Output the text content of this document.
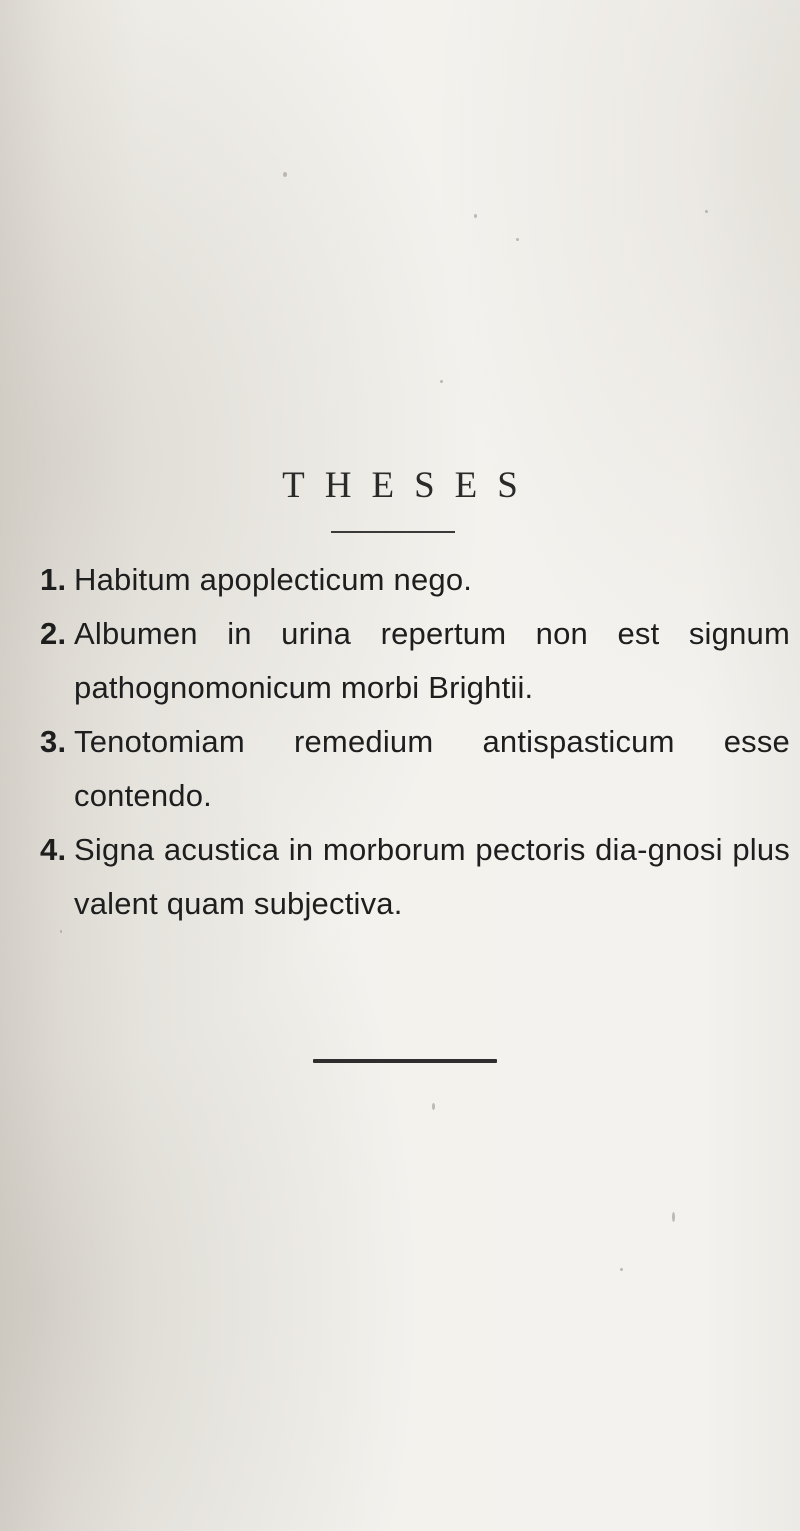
THESES
1. Habitum apoplecticum nego.
2. Albumen in urina repertum non est signum pathognomonicum morbi Brightii.
3. Tenotomiam remedium antispasticum esse contendo.
4. Signa acustica in morborum pectoris dia-gnosi plus valent quam subjectiva.
